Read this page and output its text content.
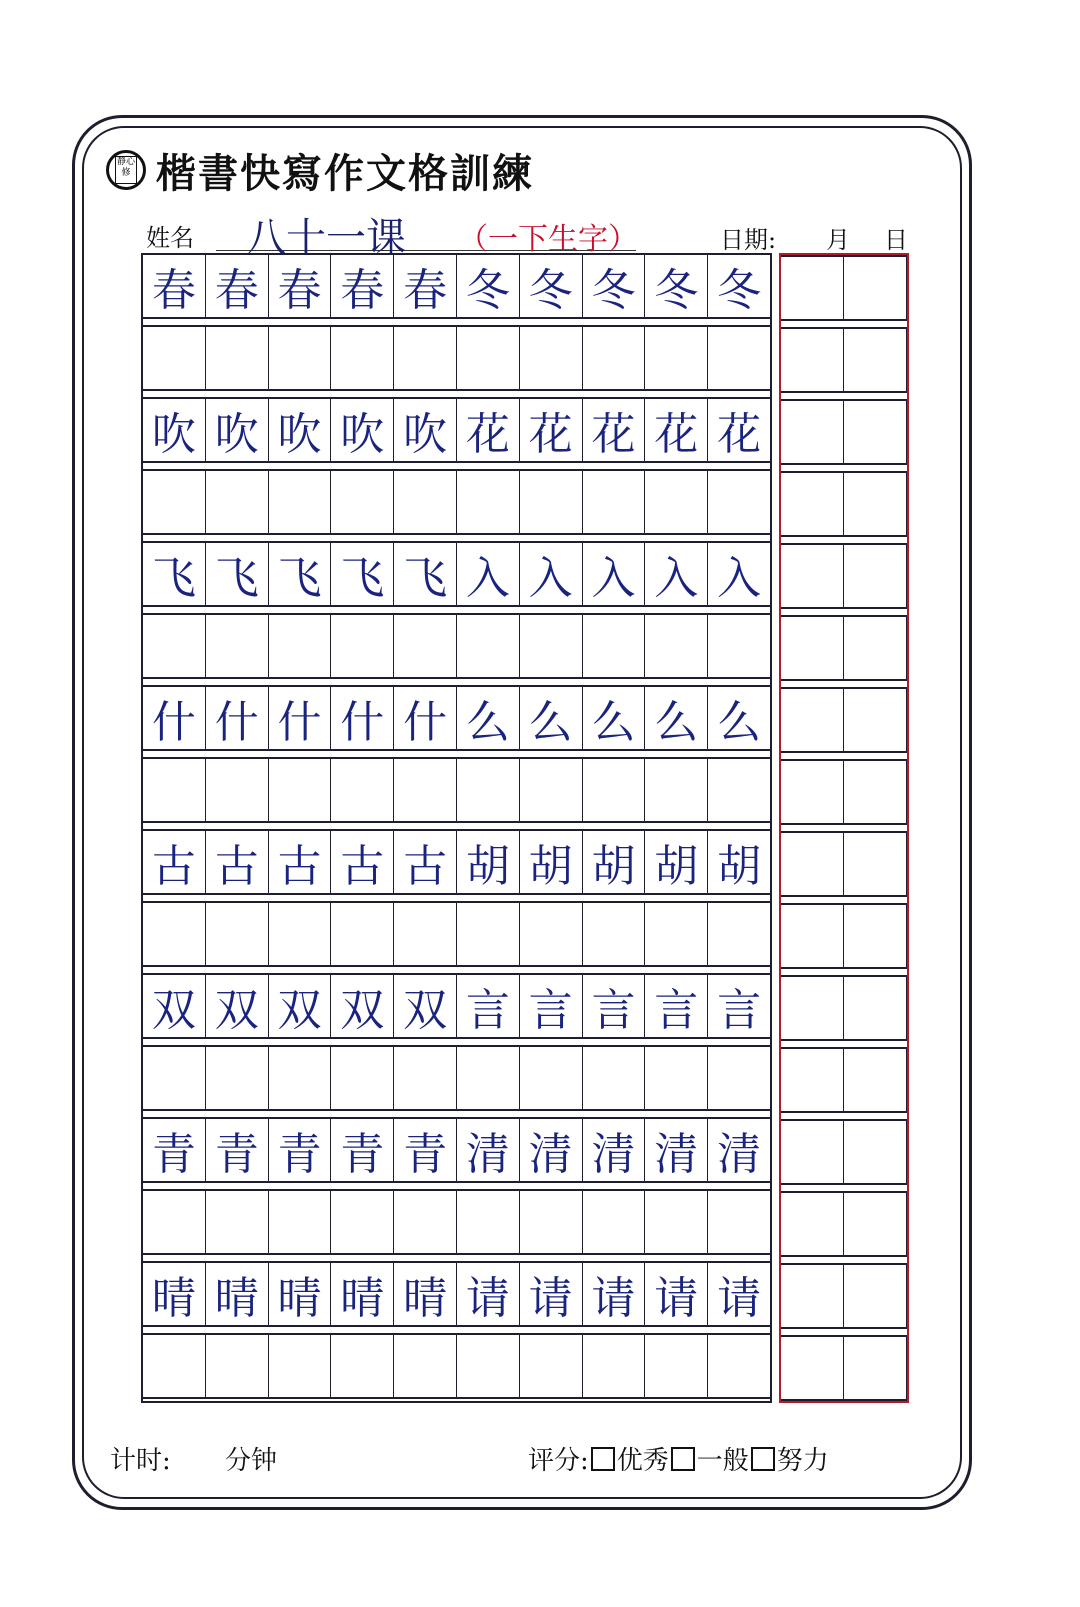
静心修 楷書快寫作文格訓練
姓名 八十一课 （一下生字）	日期: 月 日
春 春 春 春 春 冬 冬 冬 冬 冬
吹 吹 吹 吹 吹 花 花 花 花 花
飞 飞 飞 飞 飞 入 入 入 入 入
什 什 什 什 什 么 么 么 么 么
古 古 古 古 古 胡 胡 胡 胡 胡
双 双 双 双 双 言 言 言 言 言
青 青 青 青 青 清 清 清 清 清
晴 晴 晴 晴 晴 请 请 请 请 请
计时: 分钟	评分: 优秀 一般 努力
